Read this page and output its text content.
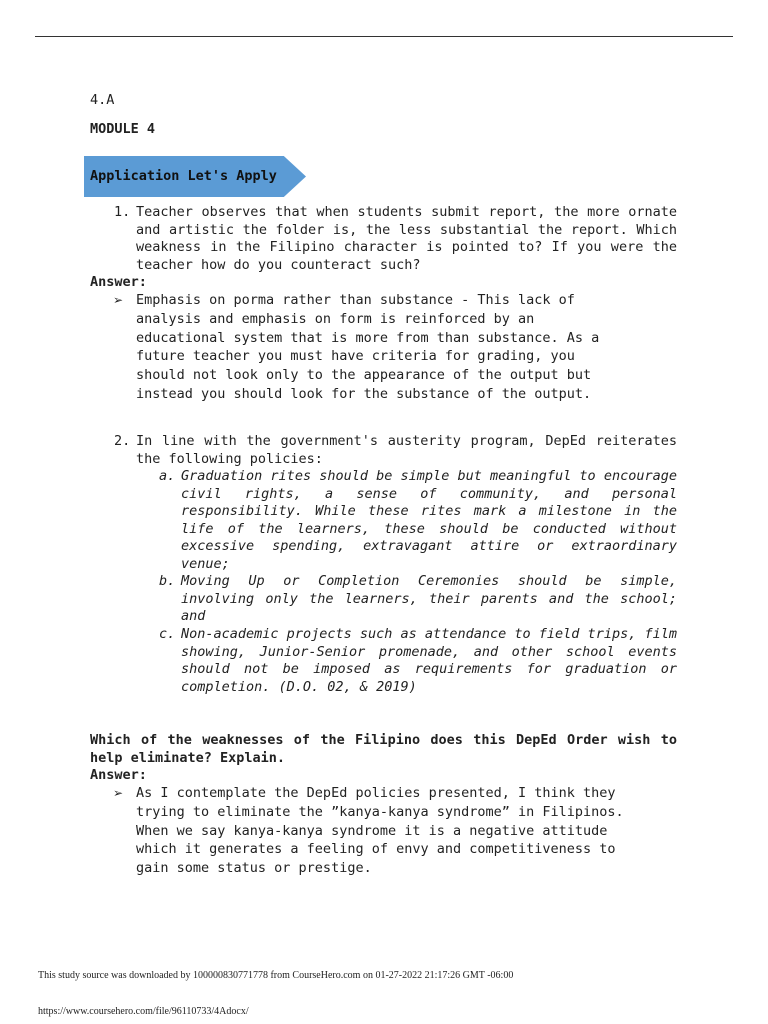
4.A
MODULE 4
Application Let's Apply
1. Teacher observes that when students submit report, the more ornate and artistic the folder is, the less substantial the report. Which weakness in the Filipino character is pointed to? If you were the teacher how do you counteract such?
Answer:
➢ Emphasis on porma rather than substance - This lack of
analysis and emphasis on form is reinforced by an
educational system that is more from than substance. As a
future teacher you must have criteria for grading, you
should not look only to the appearance of the output but
instead you should look for the substance of the output.
2. In line with the government's austerity program, DepEd reiterates the following policies:
a. Graduation rites should be simple but meaningful to encourage civil rights, a sense of community, and personal responsibility. While these rites mark a milestone in the life of the learners, these should be conducted without excessive spending, extravagant attire or extraordinary venue;
b. Moving Up or Completion Ceremonies should be simple, involving only the learners, their parents and the school; and
c. Non-academic projects such as attendance to field trips, film showing, Junior-Senior promenade, and other school events should not be imposed as requirements for graduation or completion. (D.O. 02, & 2019)
Which of the weaknesses of the Filipino does this DepEd Order wish to help eliminate? Explain.
Answer:
➢ As I contemplate the DepEd policies presented, I think they
trying to eliminate the ”kanya-kanya syndrome” in Filipinos.
When we say kanya-kanya syndrome it is a negative attitude
which it generates a feeling of envy and competitiveness to
gain some status or prestige.
This study source was downloaded by 100000830771778 from CourseHero.com on 01-27-2022 21:17:26 GMT -06:00
https://www.coursehero.com/file/96110733/4Adocx/
